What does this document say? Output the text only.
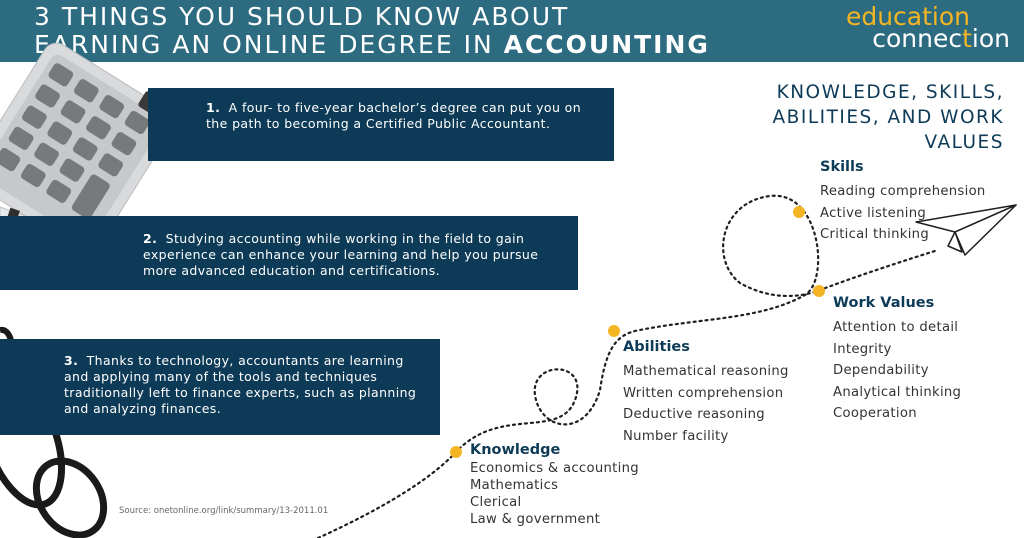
3 THINGS YOU SHOULD KNOW ABOUT
EARNING AN ONLINE DEGREE IN ACCOUNTING
education
connection
1. A four- to five-year bachelor’s degree can put you on the path to becoming a Certified Public Accountant.
2. Studying accounting while working in the field to gain experience can enhance your learning and help you pursue more advanced education and certifications.
3. Thanks to technology, accountants are learning and applying many of the tools and techniques traditionally left to finance experts, such as planning and analyzing finances.
KNOWLEDGE, SKILLS, ABILITIES, AND WORK VALUES
Skills
Reading comprehension
Active listening
Critical thinking
Work Values
Attention to detail
Integrity
Dependability
Analytical thinking
Cooperation
Abilities
Mathematical reasoning
Written comprehension
Deductive reasoning
Number facility
Knowledge
Economics & accounting
Mathematics
Clerical
Law & government
Source: onetonline.org/link/summary/13-2011.01
